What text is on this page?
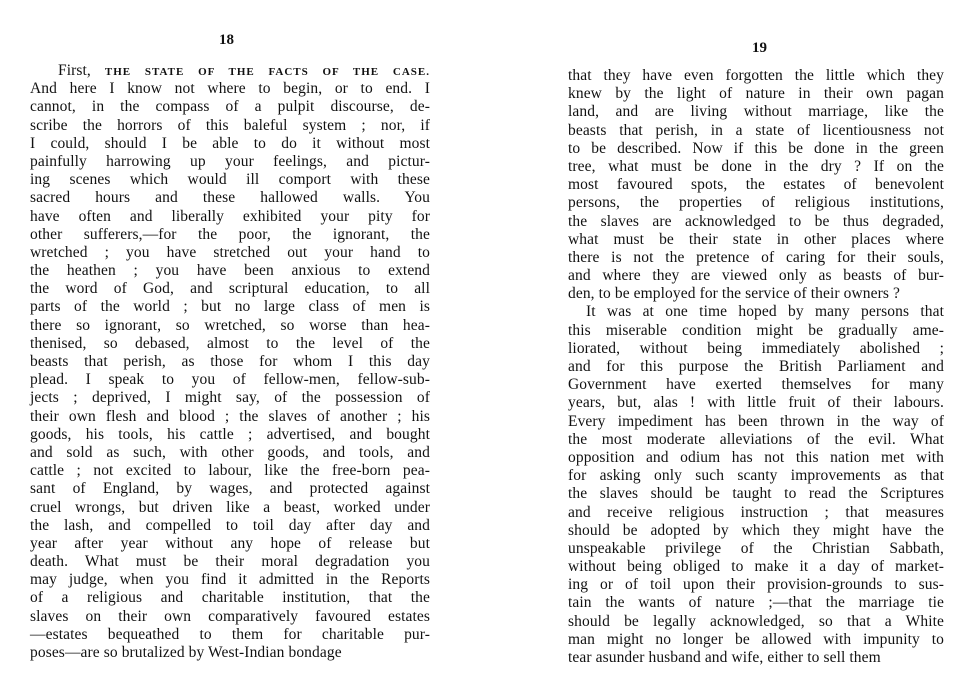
18
First, THE STATE OF THE FACTS OF THE CASE.
And here I know not where to begin, or to end. I
cannot, in the compass of a pulpit discourse, de-
scribe the horrors of this baleful system ; nor, if
I could, should I be able to do it without most
painfully harrowing up your feelings, and pictur-
ing scenes which would ill comport with these
sacred hours and these hallowed walls. You
have often and liberally exhibited your pity for
other sufferers,—for the poor, the ignorant, the
wretched ; you have stretched out your hand to
the heathen ; you have been anxious to extend
the word of God, and scriptural education, to all
parts of the world ; but no large class of men is
there so ignorant, so wretched, so worse than hea-
thenised, so debased, almost to the level of the
beasts that perish, as those for whom I this day
plead. I speak to you of fellow-men, fellow-sub-
jects ; deprived, I might say, of the possession of
their own flesh and blood ; the slaves of another ; his
goods, his tools, his cattle ; advertised, and bought
and sold as such, with other goods, and tools, and
cattle ; not excited to labour, like the free-born pea-
sant of England, by wages, and protected against
cruel wrongs, but driven like a beast, worked under
the lash, and compelled to toil day after day and
year after year without any hope of release but
death. What must be their moral degradation you
may judge, when you find it admitted in the Reports
of a religious and charitable institution, that the
slaves on their own comparatively favoured estates
—estates bequeathed to them for charitable pur-
poses—are so brutalized by West-Indian bondage
19
that they have even forgotten the little which they
knew by the light of nature in their own pagan
land, and are living without marriage, like the
beasts that perish, in a state of licentiousness not
to be described. Now if this be done in the green
tree, what must be done in the dry ? If on the
most favoured spots, the estates of benevolent
persons, the properties of religious institutions,
the slaves are acknowledged to be thus degraded,
what must be their state in other places where
there is not the pretence of caring for their souls,
and where they are viewed only as beasts of bur-
den, to be employed for the service of their owners ?
It was at one time hoped by many persons that
this miserable condition might be gradually ame-
liorated, without being immediately abolished ;
and for this purpose the British Parliament and
Government have exerted themselves for many
years, but, alas ! with little fruit of their labours.
Every impediment has been thrown in the way of
the most moderate alleviations of the evil. What
opposition and odium has not this nation met with
for asking only such scanty improvements as that
the slaves should be taught to read the Scriptures
and receive religious instruction ; that measures
should be adopted by which they might have the
unspeakable privilege of the Christian Sabbath,
without being obliged to make it a day of market-
ing or of toil upon their provision-grounds to sus-
tain the wants of nature ;—that the marriage tie
should be legally acknowledged, so that a White
man might no longer be allowed with impunity to
tear asunder husband and wife, either to sell them
